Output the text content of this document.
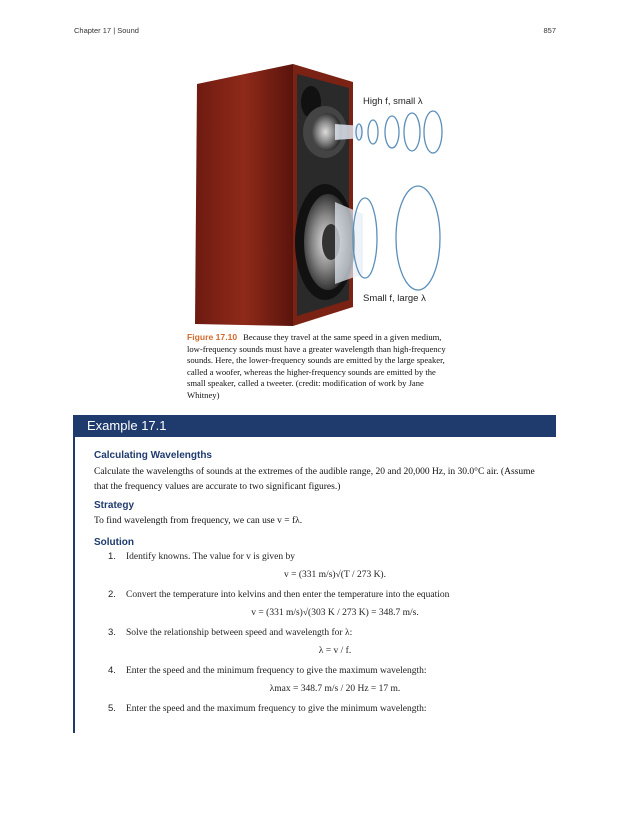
Chapter 17 | Sound	857
High f, small λ
Small f, large λ
Figure 17.10 Because they travel at the same speed in a given medium, low-frequency sounds must have a greater wavelength than high-frequency sounds. Here, the lower-frequency sounds are emitted by the large speaker, called a woofer, whereas the higher-frequency sounds are emitted by the small speaker, called a tweeter. (credit: modification of work by Jane Whitney)
Example 17.1

Calculating Wavelengths

Calculate the wavelengths of sounds at the extremes of the audible range, 20 and 20,000 Hz, in 30.0°C air. (Assume that the frequency values are accurate to two significant figures.)

Strategy

To find wavelength from frequency, we can use v = fλ.

Solution

1. Identify knowns. The value for v is given by
v = (331 m/s)√(T / 273 K).
2. Convert the temperature into kelvins and then enter the temperature into the equation
v = (331 m/s)√(303 K / 273 K) = 348.7 m/s.
3. Solve the relationship between speed and wavelength for λ:
λ = v / f.
4. Enter the speed and the minimum frequency to give the maximum wavelength:
λmax = 348.7 m/s / 20 Hz = 17 m.
5. Enter the speed and the maximum frequency to give the minimum wavelength:
